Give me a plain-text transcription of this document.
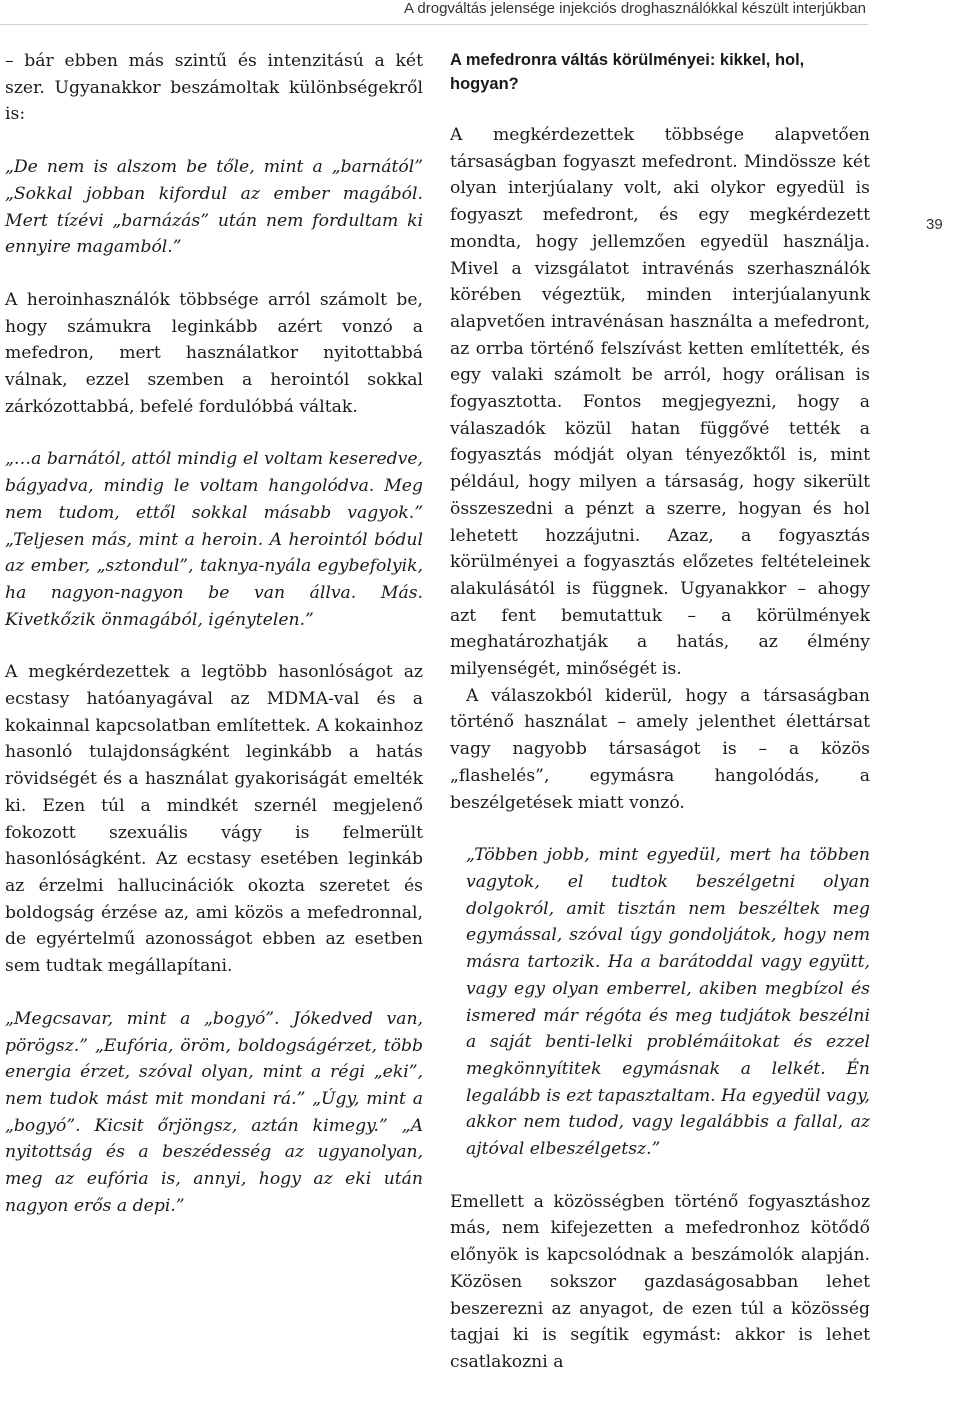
A drogváltás jelensége injekciós droghasználókkal készült interjúkban
39

– bár ebben más szintű és intenzitású a két szer. Ugyanakkor beszámoltak különbségekről is:

„De nem is alszom be tőle, mint a „barnától” „Sokkal jobban kifordul az ember magából. Mert tízévi „barnázás” után nem fordultam ki ennyire magamból.”

A heroinhasználók többsége arról számolt be, hogy számukra leginkább azért vonzó a mefedron, mert használatkor nyitottabbá válnak, ezzel szemben a herointól sokkal zárkózottabbá, befelé fordulóbbá váltak.

„…a barnától, attól mindig el voltam keseredve, bágyadva, mindig le voltam hangolódva. Meg nem tudom, ettől sokkal másabb vagyok.” „Teljesen más, mint a heroin. A herointól bódul az ember, „sztondul”, taknya-nyála egybefolyik, ha nagyon-nagyon be van állva. Más. Kivetkőzik önmagából, igénytelen.”

A megkérdezettek a legtöbb hasonlóságot az ecstasy hatóanyagával az MDMA-val és a kokainnal kapcsolatban említettek. A kokainhoz hasonló tulajdonságként leginkább a hatás rövidségét és a használat gyakoriságát emelték ki. Ezen túl a mindkét szernél megjelenő fokozott szexuális vágy is felmerült hasonlóságként. Az ecstasy esetében leginkáb az érzelmi hallucinációk okozta szeretet és boldogság érzése az, ami közös a mefedronnal, de egyértelmű azonosságot ebben az esetben sem tudtak megállapítani.

„Megcsavar, mint a „bogyó”. Jókedved van, pörögsz.” „Eufória, öröm, boldogságérzet, több energia érzet, szóval olyan, mint a régi „eki”, nem tudok mást mit mondani rá.” „Úgy, mint a „bogyó”. Kicsit őrjöngsz, aztán kimegy.” „A nyitottság és a beszédesség az ugyanolyan, meg az eufória is, annyi, hogy az eki után nagyon erős a depi.”

A mefedronra váltás körülményei: kikkel, hol, hogyan?

A megkérdezettek többsége alapvetően társaságban fogyaszt mefedront. Mindössze két olyan interjúalany volt, aki olykor egyedül is fogyaszt mefedront, és egy megkérdezett mondta, hogy jellemzően egyedül használja. Mivel a vizsgálatot intravénás szerhasználók körében végeztük, minden interjúalanyunk alapvetően intravénásan használta a mefedront, az orrba történő felszívást ketten említették, és egy valaki számolt be arról, hogy orálisan is fogyasztotta. Fontos megjegyezni, hogy a válaszadók közül hatan függővé tették a fogyasztás módját olyan tényezőktől is, mint például, hogy milyen a társaság, hogy sikerült összeszedni a pénzt a szerre, hogyan és hol lehetett hozzájutni. Azaz, a fogyasztás körülményei a fogyasztás előzetes feltételeinek alakulásától is függnek. Ugyanakkor – ahogy azt fent bemutattuk – a körülmények meghatározhatják a hatás, az élmény milyenségét, minőségét is.

A válaszokból kiderül, hogy a társaságban történő használat – amely jelenthet élettársat vagy nagyobb társaságot is – a közös „flashelés”, egymásra hangolódás, a beszélgetések miatt vonzó.

„Többen jobb, mint egyedül, mert ha többen vagytok, el tudtok beszélgetni olyan dolgokról, amit tisztán nem beszéltek meg egymással, szóval úgy gondoljátok, hogy nem másra tartozik. Ha a barátoddal vagy együtt, vagy egy olyan emberrel, akiben megbízol és ismered már régóta és meg tudjátok beszélni a saját benti-lelki problémáitokat és ezzel megkönnyítitek egymásnak a lelkét. Én legalább is ezt tapasztaltam. Ha egyedül vagy, akkor nem tudod, vagy legalábbis a fallal, az ajtóval elbeszélgetsz.”

Emellett a közösségben történő fogyasztáshoz más, nem kifejezetten a mefedronhoz kötődő előnyök is kapcsolódnak a beszámolók alapján. Közösen sokszor gazdaságosabban lehet beszerezni az anyagot, de ezen túl a közösség tagjai ki is segítik egymást: akkor is lehet csatlakozni a
